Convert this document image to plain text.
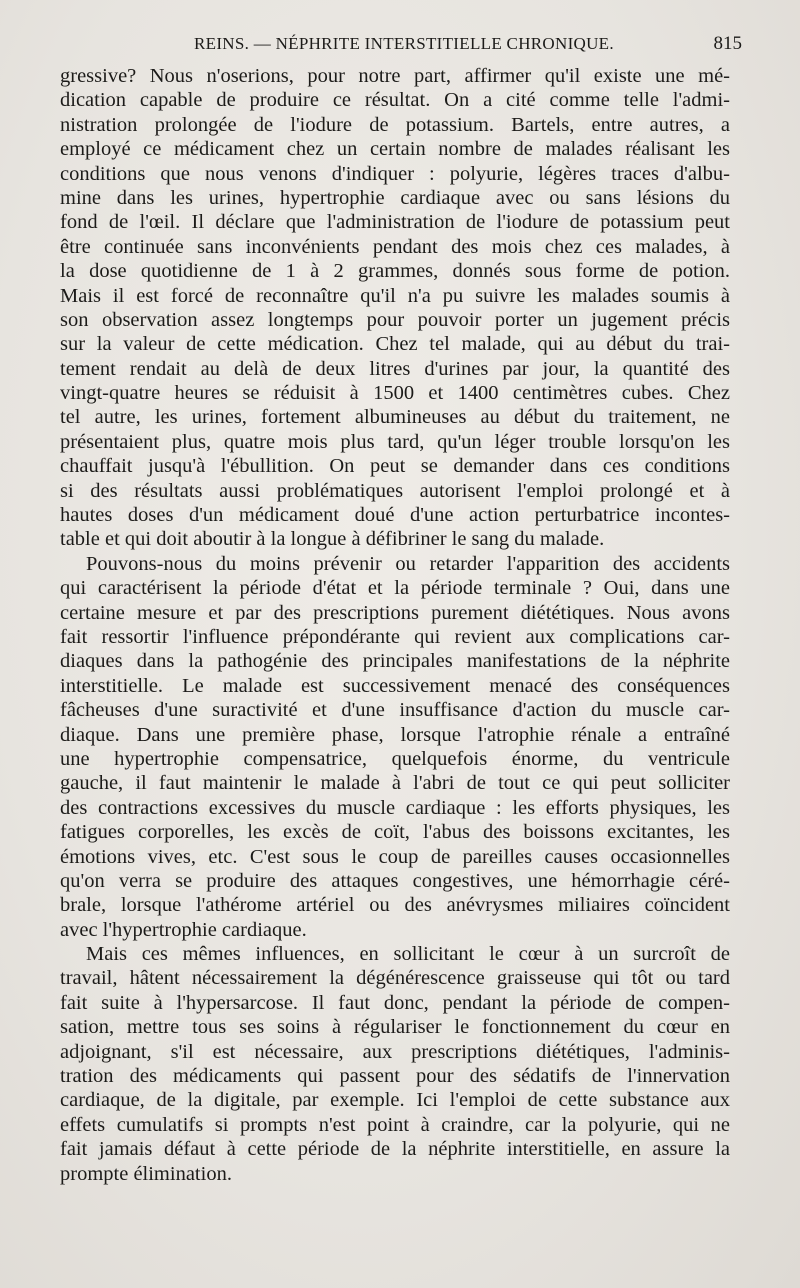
REINS. — NÉPHRITE INTERSTITIELLE CHRONIQUE.	815
gressive? Nous n'oserions, pour notre part, affirmer qu'il existe une mé-
dication capable de produire ce résultat. On a cité comme telle l'admi-
nistration prolongée de l'iodure de potassium. Bartels, entre autres, a
employé ce médicament chez un certain nombre de malades réalisant les
conditions que nous venons d'indiquer : polyurie, légères traces d'albu-
mine dans les urines, hypertrophie cardiaque avec ou sans lésions du
fond de l'œil. Il déclare que l'administration de l'iodure de potassium peut
être continuée sans inconvénients pendant des mois chez ces malades, à
la dose quotidienne de 1 à 2 grammes, donnés sous forme de potion.
Mais il est forcé de reconnaître qu'il n'a pu suivre les malades soumis à
son observation assez longtemps pour pouvoir porter un jugement précis
sur la valeur de cette médication. Chez tel malade, qui au début du trai-
tement rendait au delà de deux litres d'urines par jour, la quantité des
vingt-quatre heures se réduisit à 1500 et 1400 centimètres cubes. Chez
tel autre, les urines, fortement albumineuses au début du traitement, ne
présentaient plus, quatre mois plus tard, qu'un léger trouble lorsqu'on les
chauffait jusqu'à l'ébullition. On peut se demander dans ces conditions
si des résultats aussi problématiques autorisent l'emploi prolongé et à
hautes doses d'un médicament doué d'une action perturbatrice incontes-
table et qui doit aboutir à la longue à défibriner le sang du malade.
Pouvons-nous du moins prévenir ou retarder l'apparition des accidents
qui caractérisent la période d'état et la période terminale ? Oui, dans une
certaine mesure et par des prescriptions purement diététiques. Nous avons
fait ressortir l'influence prépondérante qui revient aux complications car-
diaques dans la pathogénie des principales manifestations de la néphrite
interstitielle. Le malade est successivement menacé des conséquences
fâcheuses d'une suractivité et d'une insuffisance d'action du muscle car-
diaque. Dans une première phase, lorsque l'atrophie rénale a entraîné
une hypertrophie compensatrice, quelquefois énorme, du ventricule
gauche, il faut maintenir le malade à l'abri de tout ce qui peut solliciter
des contractions excessives du muscle cardiaque : les efforts physiques, les
fatigues corporelles, les excès de coït, l'abus des boissons excitantes, les
émotions vives, etc. C'est sous le coup de pareilles causes occasionnelles
qu'on verra se produire des attaques congestives, une hémorrhagie céré-
brale, lorsque l'athérome artériel ou des anévrysmes miliaires coïncident
avec l'hypertrophie cardiaque.
Mais ces mêmes influences, en sollicitant le cœur à un surcroît de
travail, hâtent nécessairement la dégénérescence graisseuse qui tôt ou tard
fait suite à l'hypersarcose. Il faut donc, pendant la période de compen-
sation, mettre tous ses soins à régulariser le fonctionnement du cœur en
adjoignant, s'il est nécessaire, aux prescriptions diététiques, l'adminis-
tration des médicaments qui passent pour des sédatifs de l'innervation
cardiaque, de la digitale, par exemple. Ici l'emploi de cette substance aux
effets cumulatifs si prompts n'est point à craindre, car la polyurie, qui ne
fait jamais défaut à cette période de la néphrite interstitielle, en assure la
prompte élimination.
